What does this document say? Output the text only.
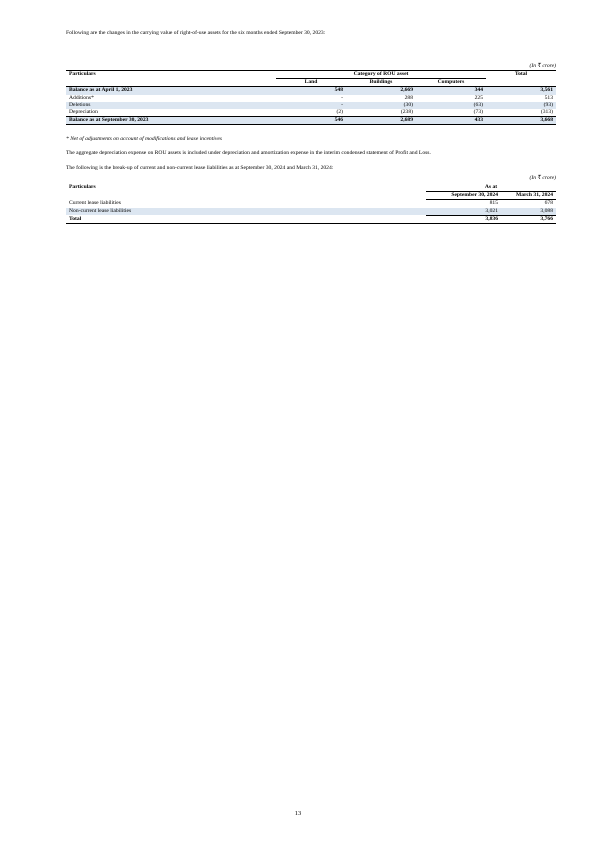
Following are the changes in the carrying value of right-of-use assets for the six months ended September 30, 2023:

(In ₹ crore)

Particulars	Category of ROU asset			Total
	Land	Buildings	Computers	
Balance as at April 1, 2023	548	2,669	344	3,561
Additions*	-	288	225	513
Deletions	-	(30)	(63)	(93)
Depreciation	(2)	(238)	(73)	(313)
Balance as at September 30, 2023	546	2,689	433	3,668

* Net of adjustments on account of modifications and lease incentives

The aggregate depreciation expense on ROU assets is included under depreciation and amortization expense in the interim condensed statement of Profit and Loss.

The following is the break-up of current and non-current lease liabilities as at September 30, 2024 and March 31, 2024:

(In ₹ crore)

Particulars	As at	
	September 30, 2024	March 31, 2024
Current lease liabilities	815	678
Non-current lease liabilities	3,021	3,088
Total	3,836	3,766
13
